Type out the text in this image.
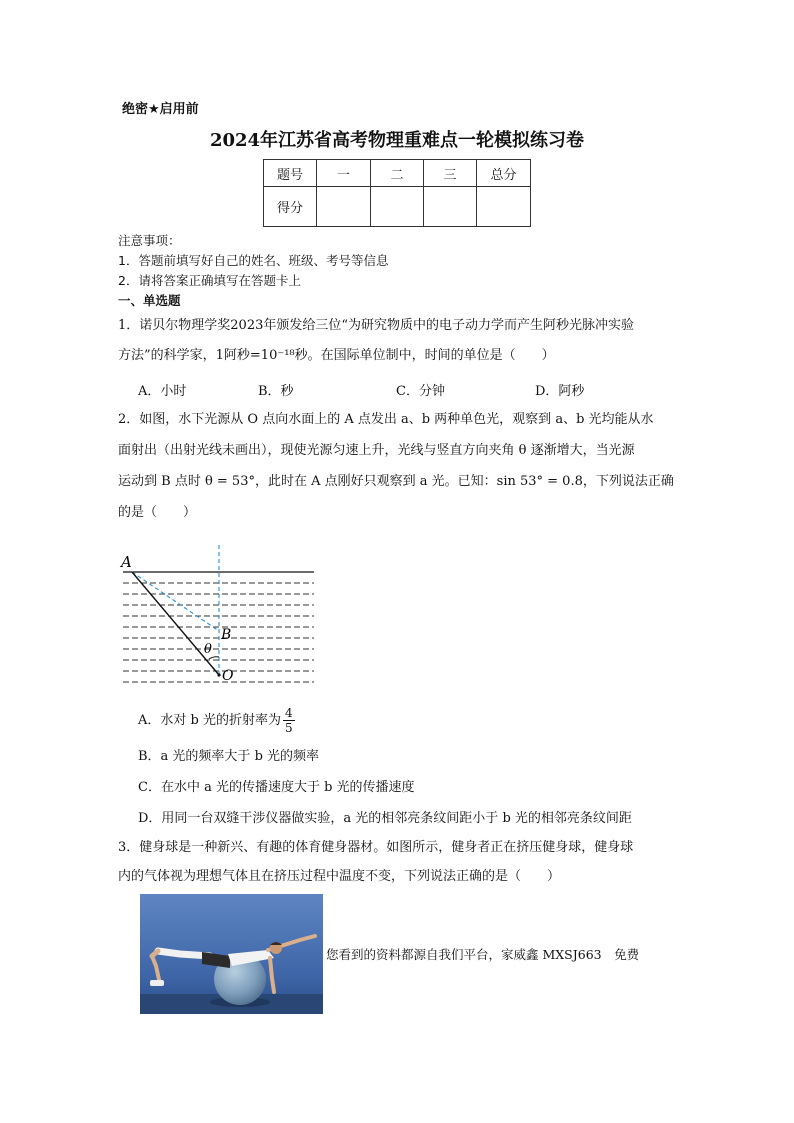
绝密★启用前
2024年江苏省高考物理重难点一轮模拟练习卷
题号	一	二	三	总分
得分				
注意事项：
1．答题前填写好自己的姓名、班级、考号等信息
2．请将答案正确填写在答题卡上
一、单选题
1．诺贝尔物理学奖2023年颁发给三位“为研究物质中的电子动力学而产生阿秒光脉冲实验
方法”的科学家，1阿秒=10⁻¹⁸秒。在国际单位制中，时间的单位是（　　）
A．小时	B．秒	C．分钟	D．阿秒
2．如图，水下光源从 O 点向水面上的 A 点发出 a、b 两种单色光，观察到 a、b 光均能从水
面射出（出射光线未画出），现使光源匀速上升，光线与竖直方向夹角 θ 逐渐增大，当光源
运动到 B 点时 θ = 53°，此时在 A 点刚好只观察到 a 光。已知：sin 53° = 0.8，下列说法正确
的是（　　）
A
B
O
θ
A．水对 b 光的折射率为 $\frac{4}{5}$
B．a 光的频率大于 b 光的频率
C．在水中 a 光的传播速度大于 b 光的传播速度
D．用同一台双缝干涉仪器做实验，a 光的相邻亮条纹间距小于 b 光的相邻亮条纹间距
3．健身球是一种新兴、有趣的体育健身器材。如图所示，健身者正在挤压健身球，健身球
内的气体视为理想气体且在挤压过程中温度不变，下列说法正确的是（　　）
您看到的资料都源自我们平台，家威鑫 MXSJ663　免费
